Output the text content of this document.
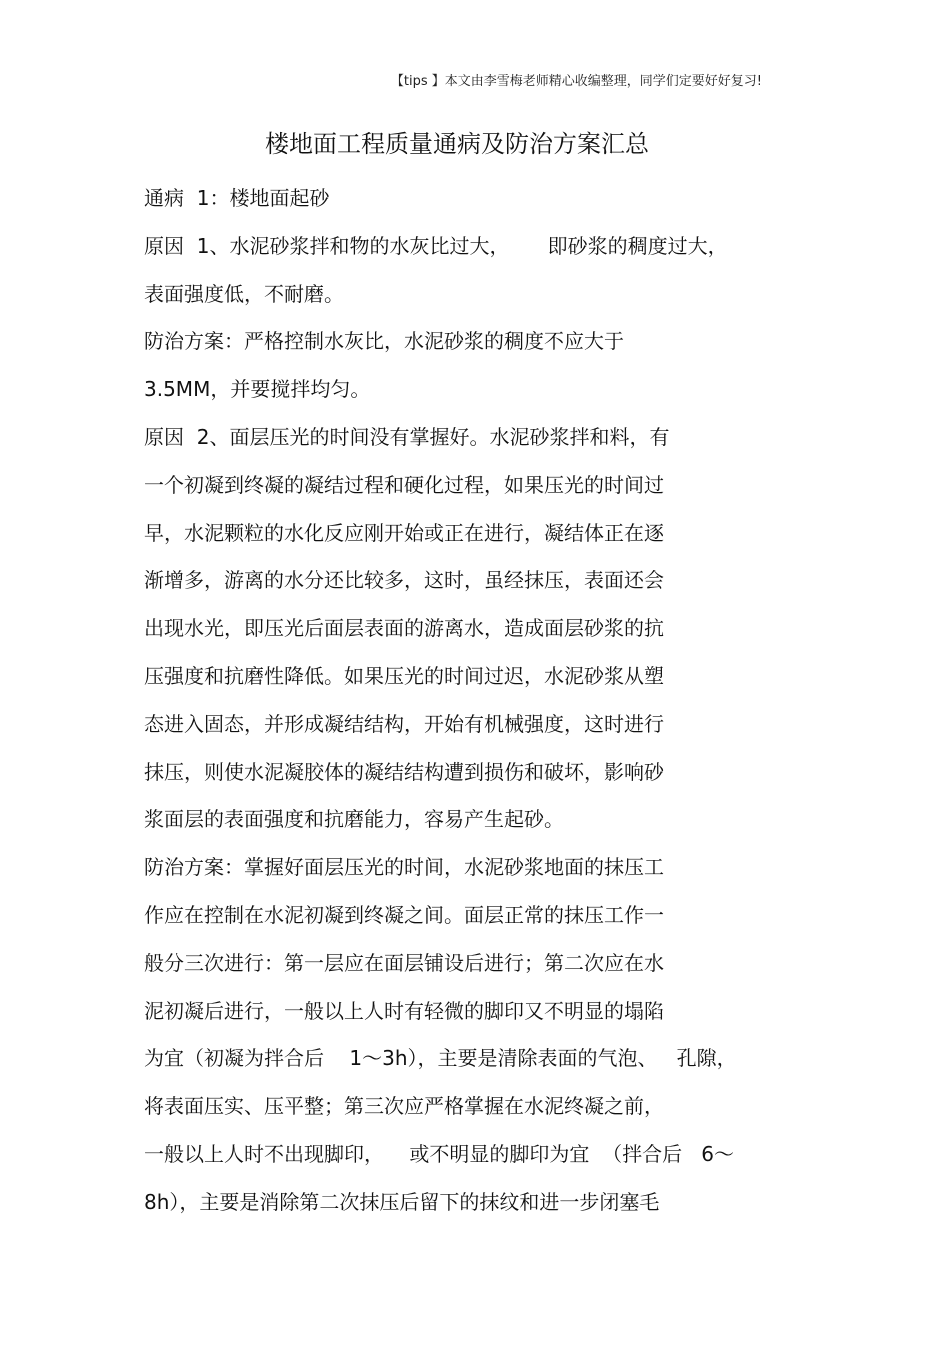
【tips 】本文由李雪梅老师精心收编整理，同学们定要好好复习!
楼地面工程质量通病及防治方案汇总
通病  1：楼地面起砂
原因  1、水泥砂浆拌和物的水灰比过大，      即砂浆的稠度过大，
表面强度低，不耐磨。
防治方案：严格控制水灰比，水泥砂浆的稠度不应大于
3.5MM，并要搅拌均匀。
原因  2、面层压光的时间没有掌握好。水泥砂浆拌和料，有
一个初凝到终凝的凝结过程和硬化过程，如果压光的时间过
早，水泥颗粒的水化反应刚开始或正在进行，凝结体正在逐
渐增多，游离的水分还比较多，这时，虽经抹压，表面还会
出现水光，即压光后面层表面的游离水，造成面层砂浆的抗
压强度和抗磨性降低。如果压光的时间过迟，水泥砂浆从塑
态进入固态，并形成凝结结构，开始有机械强度，这时进行
抹压，则使水泥凝胶体的凝结结构遭到损伤和破坏，影响砂
浆面层的表面强度和抗磨能力，容易产生起砂。
防治方案：掌握好面层压光的时间，水泥砂浆地面的抹压工
作应在控制在水泥初凝到终凝之间。面层正常的抹压工作一
般分三次进行：第一层应在面层铺设后进行；第二次应在水
泥初凝后进行，一般以上人时有轻微的脚印又不明显的塌陷
为宜（初凝为拌合后    1～3h），主要是清除表面的气泡、   孔隙，
将表面压实、压平整；第三次应严格掌握在水泥终凝之前，
一般以上人时不出现脚印，    或不明显的脚印为宜  （拌合后   6～
8h），主要是消除第二次抹压后留下的抹纹和进一步闭塞毛
